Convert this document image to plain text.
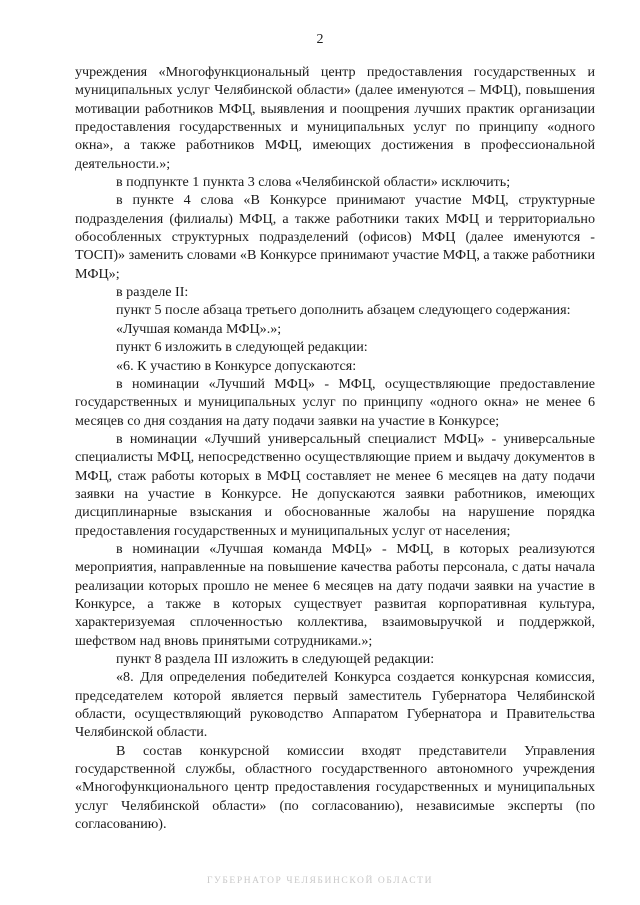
2

учреждения «Многофункциональный центр предоставления государственных и муниципальных услуг Челябинской области» (далее именуются – МФЦ), повышения мотивации работников МФЦ, выявления и поощрения лучших практик организации предоставления государственных и муниципальных услуг по принципу «одного окна», а также работников МФЦ, имеющих достижения в профессиональной деятельности.»;

в подпункте 1 пункта 3 слова «Челябинской области» исключить;

в пункте 4 слова «В Конкурсе принимают участие МФЦ, структурные подразделения (филиалы) МФЦ, а также работники таких МФЦ и территориально обособленных структурных подразделений (офисов) МФЦ (далее именуются - ТОСП)» заменить словами «В Конкурсе принимают участие МФЦ, а также работники МФЦ»;

в разделе II:

пункт 5 после абзаца третьего дополнить абзацем следующего содержания:

«Лучшая команда МФЦ».»;

пункт 6 изложить в следующей редакции:

«6. К участию в Конкурсе допускаются:

в номинации «Лучший МФЦ» - МФЦ, осуществляющие предоставление государственных и муниципальных услуг по принципу «одного окна» не менее 6 месяцев со дня создания на дату подачи заявки на участие в Конкурсе;

в номинации «Лучший универсальный специалист МФЦ» - универсальные специалисты МФЦ, непосредственно осуществляющие прием и выдачу документов в МФЦ, стаж работы которых в МФЦ составляет не менее 6 месяцев на дату подачи заявки на участие в Конкурсе. Не допускаются заявки работников, имеющих дисциплинарные взыскания и обоснованные жалобы на нарушение порядка предоставления государственных и муниципальных услуг от населения;

в номинации «Лучшая команда МФЦ» - МФЦ, в которых реализуются мероприятия, направленные на повышение качества работы персонала, с даты начала реализации которых прошло не менее 6 месяцев на дату подачи заявки на участие в Конкурсе, а также в которых существует развитая корпоративная культура, характеризуемая сплоченностью коллектива, взаимовыручкой и поддержкой, шефством над вновь принятыми сотрудниками.»;

пункт 8 раздела III изложить в следующей редакции:

«8. Для определения победителей Конкурса создается конкурсная комиссия, председателем которой является первый заместитель Губернатора Челябинской области, осуществляющий руководство Аппаратом Губернатора и Правительства Челябинской области.

В состав конкурсной комиссии входят представители Управления государственной службы, областного государственного автономного учреждения «Многофункционального центр предоставления государственных и муниципальных услуг Челябинской области» (по согласованию), независимые эксперты (по согласованию).

ГУБЕРНАТОР ЧЕЛЯБИНСКОЙ ОБЛАСТИ
